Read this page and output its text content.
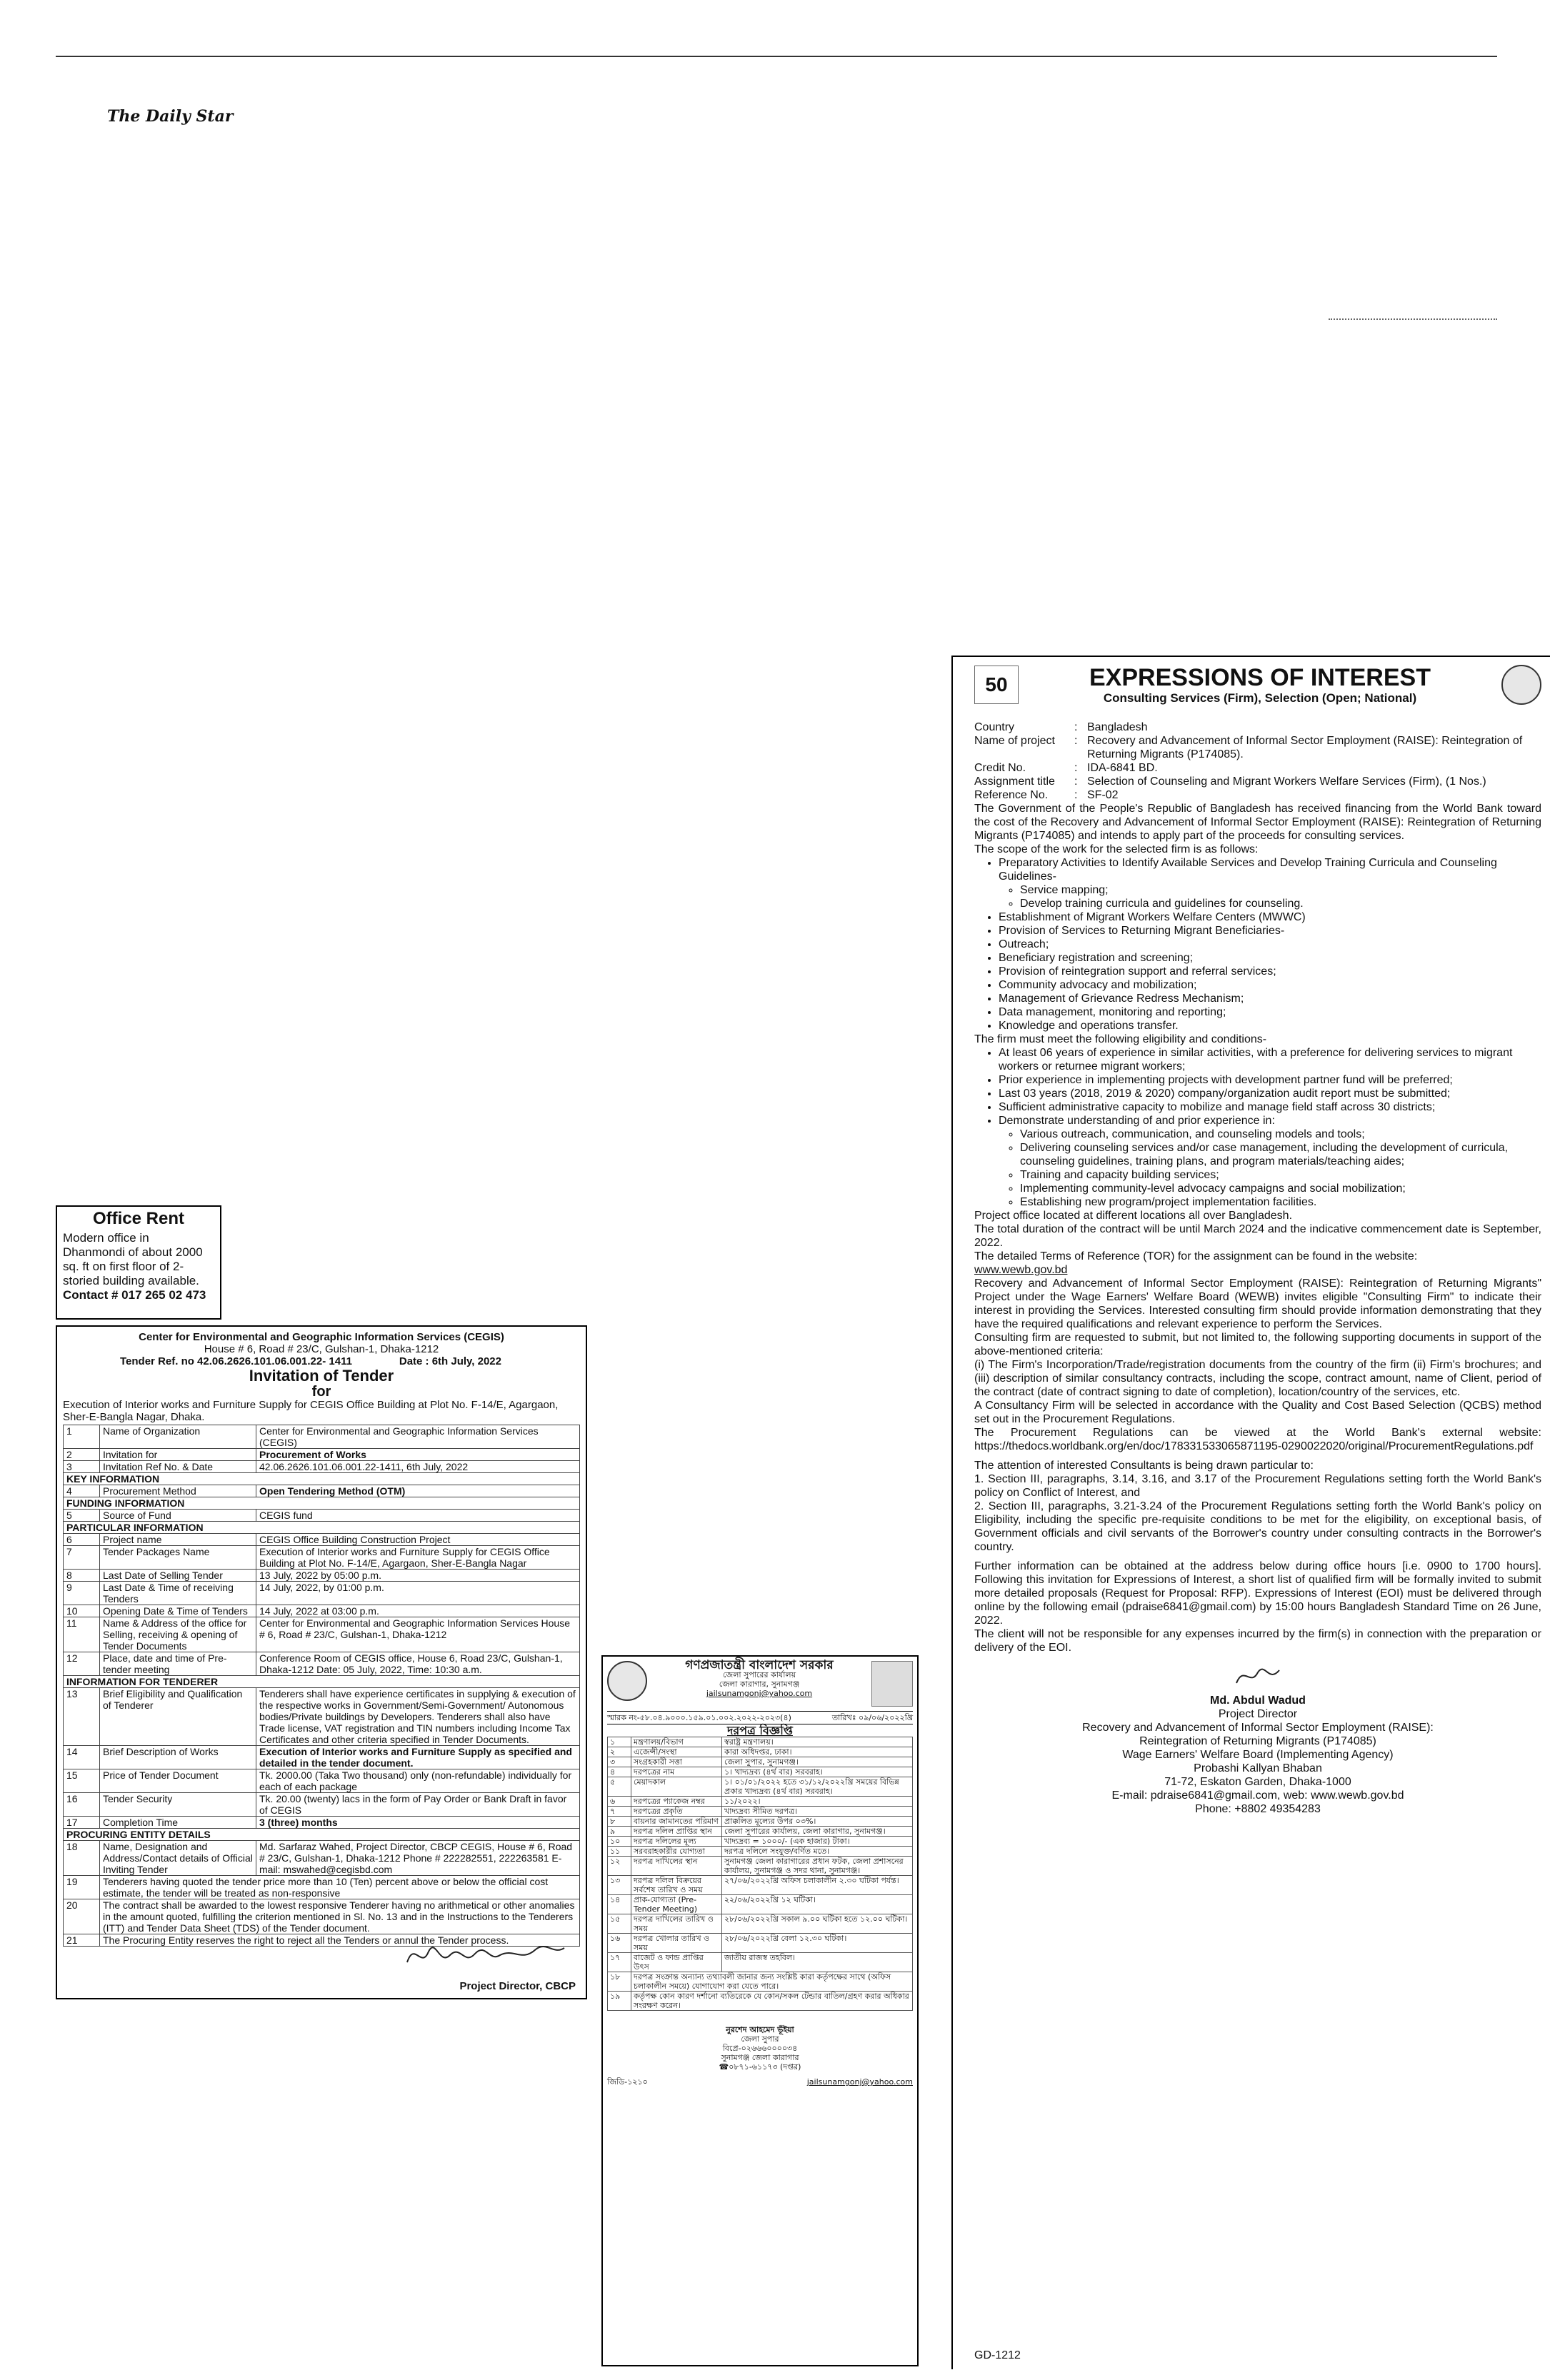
The Daily Star
Office Rent
Modern office in Dhanmondi of about 2000 sq. ft on first floor of 2-storied building available.
Contact # 017 265 02 473
Center for Environmental and Geographic Information Services (CEGIS)
House # 6, Road # 23/C, Gulshan-1, Dhaka-1212
Tender Ref. no 42.06.2626.101.06.001.22- 1411	Date : 6th July, 2022
Invitation of Tender
for
Execution of Interior works and Furniture Supply for CEGIS Office Building at Plot No. F-14/E, Agargaon, Sher-E-Bangla Nagar, Dhaka.
1	Name of Organization	Center for Environmental and Geographic Information Services (CEGIS)
2	Invitation for	Procurement of Works
3	Invitation Ref No. & Date	42.06.2626.101.06.001.22-1411, 6th July, 2022
KEY INFORMATION		
4	Procurement Method	Open Tendering Method (OTM)
FUNDING INFORMATION		
5	Source of Fund	CEGIS fund
PARTICULAR INFORMATION		
6	Project name	CEGIS Office Building Construction Project
7	Tender Packages Name	Execution of Interior works and Furniture Supply for CEGIS Office Building at Plot No. F-14/E, Agargaon, Sher-E-Bangla Nagar
8	Last Date of Selling Tender	13 July, 2022 by 05:00 p.m.
9	Last Date & Time of receiving Tenders	14 July, 2022, by 01:00 p.m.
10	Opening Date & Time of Tenders	14 July, 2022 at 03:00 p.m.
11	Name & Address of the office for Selling, receiving & opening of Tender Documents	Center for Environmental and Geographic Information Services House # 6, Road # 23/C, Gulshan-1, Dhaka-1212
12	Place, date and time of Pre-tender meeting	Conference Room of CEGIS office, House 6, Road 23/C, Gulshan-1, Dhaka-1212 Date: 05 July, 2022, Time: 10:30 a.m.
INFORMATION FOR TENDERER		
13	Brief Eligibility and Qualification of Tenderer	Tenderers shall have experience certificates in supplying & execution of the respective works in Government/Semi-Government/ Autonomous bodies/Private buildings by Developers. Tenderers shall also have Trade license, VAT registration and TIN numbers including Income Tax Certificates and other criteria specified in Tender Documents.
14	Brief Description of Works	Execution of Interior works and Furniture Supply as specified and detailed in the tender document.
15	Price of Tender Document	Tk. 2000.00 (Taka Two thousand) only (non-refundable) individually for each of each package
16	Tender Security	Tk. 20.00 (twenty) lacs in the form of Pay Order or Bank Draft in favor of CEGIS
17	Completion Time	3 (three) months
PROCURING ENTITY DETAILS		
18	Name, Designation and Address/Contact details of Official Inviting Tender	Md. Sarfaraz Wahed, Project Director, CBCP CEGIS, House # 6, Road # 23/C, Gulshan-1, Dhaka-1212 Phone # 222282551, 222263581 E-mail: mswahed@cegisbd.com
19	Tenderers having quoted the tender price more than 10 (Ten) percent above or below the official cost estimate, the tender will be treated as non-responsive	
20	The contract shall be awarded to the lowest responsive Tenderer having no arithmetical or other anomalies in the amount quoted, fulfilling the criterion mentioned in Sl. No. 13 and in the Instructions to the Tenderers (ITT) and Tender Data Sheet (TDS) of the Tender document.	
21	The Procuring Entity reserves the right to reject all the Tenders or annul the Tender process.	
Project Director, CBCP
গণপ্রজাতন্ত্রী বাংলাদেশ সরকার
জেলা সুপারের কার্যালয়
জেলা কারাগার, সুনামগঞ্জ
jailsunamgonj@yahoo.com
স্মারক নং-৫৮.০৪.৯০০০.১৫৯.০১.০০২.২০২২-২০২৩(৪)	তারিখঃ ০৯/০৬/২০২২খ্রি
দরপত্র বিজ্ঞপ্তি
১	মন্ত্রণালয়/বিভাগ	স্বরাষ্ট্র মন্ত্রণালয়।
২	এজেন্সী/সংস্থা	কারা অধিদপ্তর, ঢাকা।
৩	সংগ্রহকারী সত্তা	জেলা সুপার, সুনামগঞ্জ।
৪	দরপত্রের নাম	১। খাদ্যদ্রব্য (৪র্থ বার) সরবরাহ।
৫	মেয়াদকাল	১। ০১/০১/২০২২ হতে ৩১/১২/২০২২খ্রি সময়ের বিভিন্ন প্রকার খাদ্যদ্রব্য (৪র্থ বার) সরবরাহ।
৬	দরপত্রের প্যাকেজ নম্বর	১১/২০২২।
৭	দরপত্রের প্রকৃতি	খাদ্যদ্রব্য সীমিত দরপত্র।
৮	বায়নার জামানতের পরিমাণ	প্রাক্কলিত মূল্যের উপর ০৩%।
৯	দরপত্র দলিল প্রাপ্তির স্থান	জেলা সুপারের কার্যালয়, জেলা কারাগার, সুনামগঞ্জ।
১০	দরপত্র দলিলের মূল্য	খাদ্যদ্রব্য = ১০০০/- (এক হাজার) টাকা।
১১	সরবরাহকারীর যোগ্যতা	দরপত্র দলিলে সংযুক্ত/বর্ণিত মতে।
১২	দরপত্র দাখিলের স্থান	সুনামগঞ্জ জেলা কারাগারের প্রধান ফটক, জেলা প্রশাসনের কার্যালয়, সুনামগঞ্জ ও সদর থানা, সুনামগঞ্জ।
১৩	দরপত্র দলিল বিক্রয়ের সর্বশেষ তারিখ ও সময়	২৭/০৬/২০২২খ্রি অফিস চলাকালীন ২.৩০ ঘটিকা পর্যন্ত।
১৪	প্রাক-যোগ্যতা (Pre-Tender Meeting)	২২/০৬/২০২২খ্রি ১২ ঘটিকা।
১৫	দরপত্র দাখিলের তারিখ ও সময়	২৮/০৬/২০২২খ্রি সকাল ৯.০০ ঘটিকা হতে ১২.০০ ঘটিকা।
১৬	দরপত্র খোলার তারিখ ও সময়	২৮/০৬/২০২২খ্রি বেলা ১২.৩০ ঘটিকা।
১৭	বাজেট ও ফান্ড প্রাপ্তির উৎস	জাতীয় রাজস্ব তহবিল।
১৮	দরপত্র সংক্রান্ত অন্যান্য তথ্যাবলী জানার জন্য সংশ্লিষ্ট কারা কর্তৃপক্ষের সাথে (অফিস চলাকালীন সময়ে) যোগাযোগ করা যেতে পারে।	
১৯	কর্তৃপক্ষ কোন কারণ দর্শানো ব্যতিরেকে যে কোন/সকল টেন্ডার বাতিল/গ্রহণ করার অধিকার সংরক্ষণ করেন।	
নুরশেদ আহমেদ ভূঁইয়া
জেলা সুপার
বিপ্রে-০২৬৬৬০০০০৩৪
সুনামগঞ্জ জেলা কারাগার
☎০৮৭১-৬১১৭৩ (দপ্তর)
জিডি-১২১০	jailsunamgonj@yahoo.com
50	EXPRESSIONS OF INTEREST
Consulting Services (Firm), Selection (Open; National)
Country	: Bangladesh
Name of project	: Recovery and Advancement of Informal Sector Employment (RAISE): Reintegration of Returning Migrants (P174085).
Credit No.	: IDA-6841 BD.
Assignment title	: Selection of Counseling and Migrant Workers Welfare Services (Firm), (1 Nos.)
Reference No.	: SF-02

The Government of the People's Republic of Bangladesh has received financing from the World Bank toward the cost of the Recovery and Advancement of Informal Sector Employment (RAISE): Reintegration of Returning Migrants (P174085) and intends to apply part of the proceeds for consulting services.

The scope of the work for the selected firm is as follows:

• Preparatory Activities to Identify Available Services and Develop Training Curricula and Counseling Guidelines-
◦ Service mapping;
◦ Develop training curricula and guidelines for counseling.
• Establishment of Migrant Workers Welfare Centers (MWWC)
• Provision of Services to Returning Migrant Beneficiaries-
• Outreach;
• Beneficiary registration and screening;
• Provision of reintegration support and referral services;
• Community advocacy and mobilization;
• Management of Grievance Redress Mechanism;
• Data management, monitoring and reporting;
• Knowledge and operations transfer.

The firm must meet the following eligibility and conditions-

• At least 06 years of experience in similar activities, with a preference for delivering services to migrant workers or returnee migrant workers;
• Prior experience in implementing projects with development partner fund will be preferred;
• Last 03 years (2018, 2019 & 2020) company/organization audit report must be submitted;
• Sufficient administrative capacity to mobilize and manage field staff across 30 districts;
• Demonstrate understanding of and prior experience in:
◦ Various outreach, communication, and counseling models and tools;
◦ Delivering counseling services and/or case management, including the development of curricula, counseling guidelines, training plans, and program materials/teaching aides;
◦ Training and capacity building services;
◦ Implementing community-level advocacy campaigns and social mobilization;
◦ Establishing new program/project implementation facilities.

Project office located at different locations all over Bangladesh.

The total duration of the contract will be until March 2024 and the indicative commencement date is September, 2022.

The detailed Terms of Reference (TOR) for the assignment can be found in the website:

www.wewb.gov.bd

Recovery and Advancement of Informal Sector Employment (RAISE): Reintegration of Returning Migrants" Project under the Wage Earners' Welfare Board (WEWB) invites eligible "Consulting Firm" to indicate their interest in providing the Services. Interested consulting firm should provide information demonstrating that they have the required qualifications and relevant experience to perform the Services.

Consulting firm are requested to submit, but not limited to, the following supporting documents in support of the above-mentioned criteria:

(i) The Firm's Incorporation/Trade/registration documents from the country of the firm (ii) Firm's brochures; and (iii) description of similar consultancy contracts, including the scope, contract amount, name of Client, period of the contract (date of contract signing to date of completion), location/country of the services, etc.

A Consultancy Firm will be selected in accordance with the Quality and Cost Based Selection (QCBS) method set out in the Procurement Regulations.

The Procurement Regulations can be viewed at the World Bank's external website: https://thedocs.worldbank.org/en/doc/178331533065871195-0290022020/original/ProcurementRegulations.pdf

The attention of interested Consultants is being drawn particular to:

1. Section III, paragraphs, 3.14, 3.16, and 3.17 of the Procurement Regulations setting forth the World Bank's policy on Conflict of Interest, and

2. Section III, paragraphs, 3.21-3.24 of the Procurement Regulations setting forth the World Bank's policy on Eligibility, including the specific pre-requisite conditions to be met for the eligibility, on exceptional basis, of Government officials and civil servants of the Borrower's country under consulting contracts in the Borrower's country.

Further information can be obtained at the address below during office hours [i.e. 0900 to 1700 hours]. Following this invitation for Expressions of Interest, a short list of qualified firm will be formally invited to submit more detailed proposals (Request for Proposal: RFP). Expressions of Interest (EOI) must be delivered through online by the following email (pdraise6841@gmail.com) by 15:00 hours Bangladesh Standard Time on 26 June, 2022.

The client will not be responsible for any expenses incurred by the firm(s) in connection with the preparation or delivery of the EOI.

Md. Abdul Wadud
Project Director
Recovery and Advancement of Informal Sector Employment (RAISE):
Reintegration of Returning Migrants (P174085)
Wage Earners' Welfare Board (Implementing Agency)
Probashi Kallyan Bhaban
71-72, Eskaton Garden, Dhaka-1000
E-mail: pdraise6841@gmail.com, web: www.wewb.gov.bd
Phone: +8802 49354283
GD-1212
